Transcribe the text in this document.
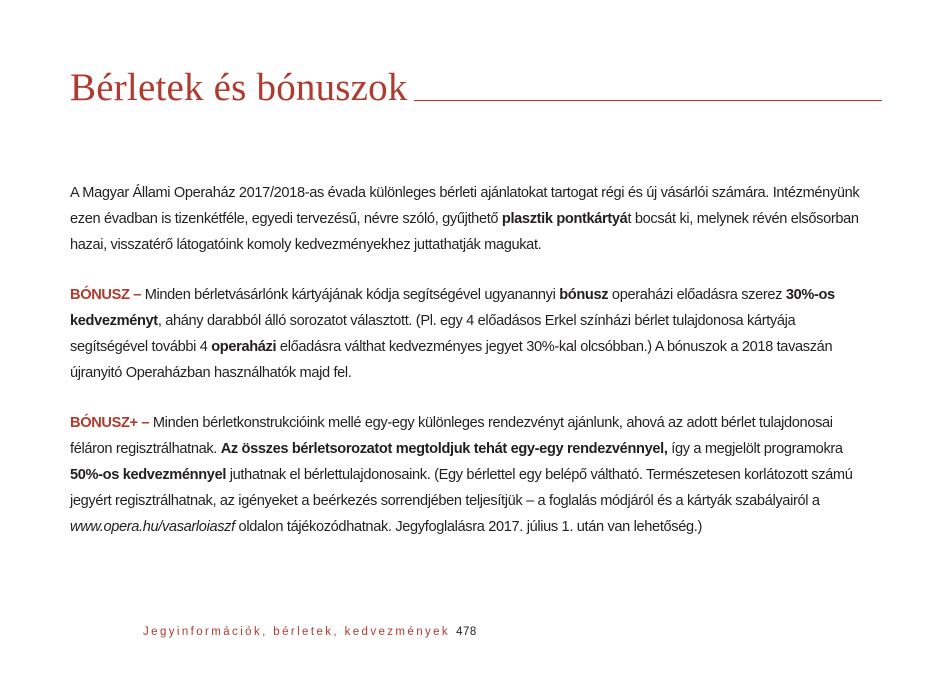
Bérletek és bónuszok

A Magyar Állami Operaház 2017/2018-as évada különleges bérleti ajánlatokat tartogat régi és új vásárlói számára. Intézményünk ezen évadban is tizenkétféle, egyedi tervezésű, névre szóló, gyűjthető plasztik pontkártyát bocsát ki, melynek révén elsősorban hazai, visszatérő látogatóink komoly kedvezményekhez juttathatják magukat.

BÓNUSZ – Minden bérletvásárlónk kártyájának kódja segítségével ugyanannyi bónusz operaházi előadásra szerez 30%-os kedvezményt, ahány darabból álló sorozatot választott. (Pl. egy 4 előadásos Erkel színházi bérlet tulajdonosa kártyája segítségével további 4 operaházi előadásra válthat kedvezményes jegyet 30%-kal olcsóbban.) A bónuszok a 2018 tavaszán újranyitó Operaházban használhatók majd fel.

BÓNUSZ+ – Minden bérletkonstrukcióink mellé egy-egy különleges rendezvényt ajánlunk, ahová az adott bérlet tulajdonosai féláron regisztrálhatnak. Az összes bérletsorozatot megtoldjuk tehát egy-egy rendezvénnyel, így a megjelölt programokra 50%-os kedvezménnyel juthatnak el bérlettulajdonosaink. (Egy bérlettel egy belépő váltható. Természetesen korlátozott számú jegyért regisztrálhatnak, az igényeket a beérkezés sorrendjében teljesítjük – a foglalás módjáról és a kártyák szabályairól a www.opera.hu/vasarloiaszf oldalon tájékozódhatnak. Jegyfoglalásra 2017. július 1. után van lehetőség.)

Jegyinformációk, bérletek, kedvezmények 478
